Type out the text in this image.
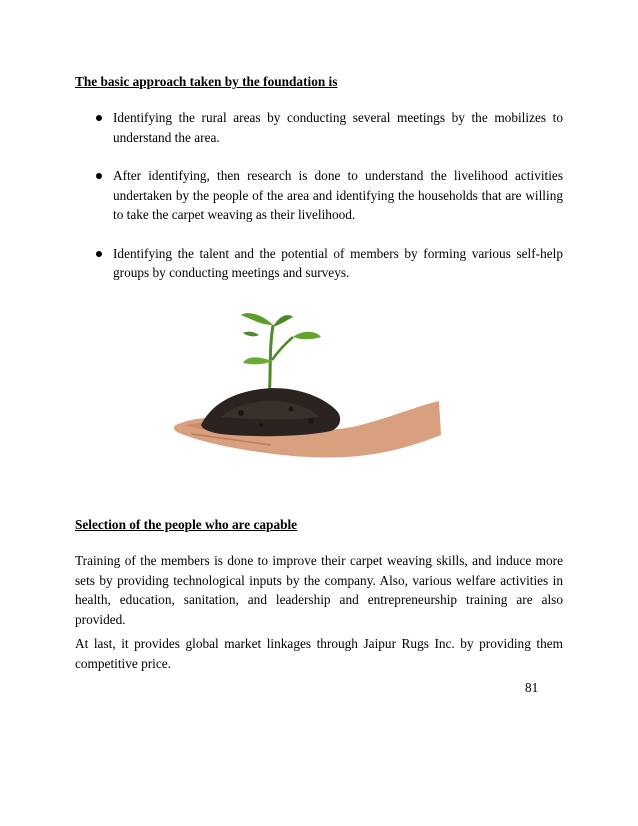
The basic approach taken by the foundation is
Identifying the rural areas by conducting several meetings by the mobilizes to understand the area.
After identifying, then research is done to understand the livelihood activities undertaken by the people of the area and identifying the households that are willing to take the carpet weaving as their livelihood.
Identifying the talent and the potential of members by forming various self-help groups by conducting meetings and surveys.
Selection of the people who are capable

Training of the members is done to improve their carpet weaving skills, and induce more sets by providing technological inputs by the company. Also, various welfare activities in health, education, sanitation, and leadership and entrepreneurship training are also provided.

At last, it provides global market linkages through Jaipur Rugs Inc. by providing them competitive price.

81
